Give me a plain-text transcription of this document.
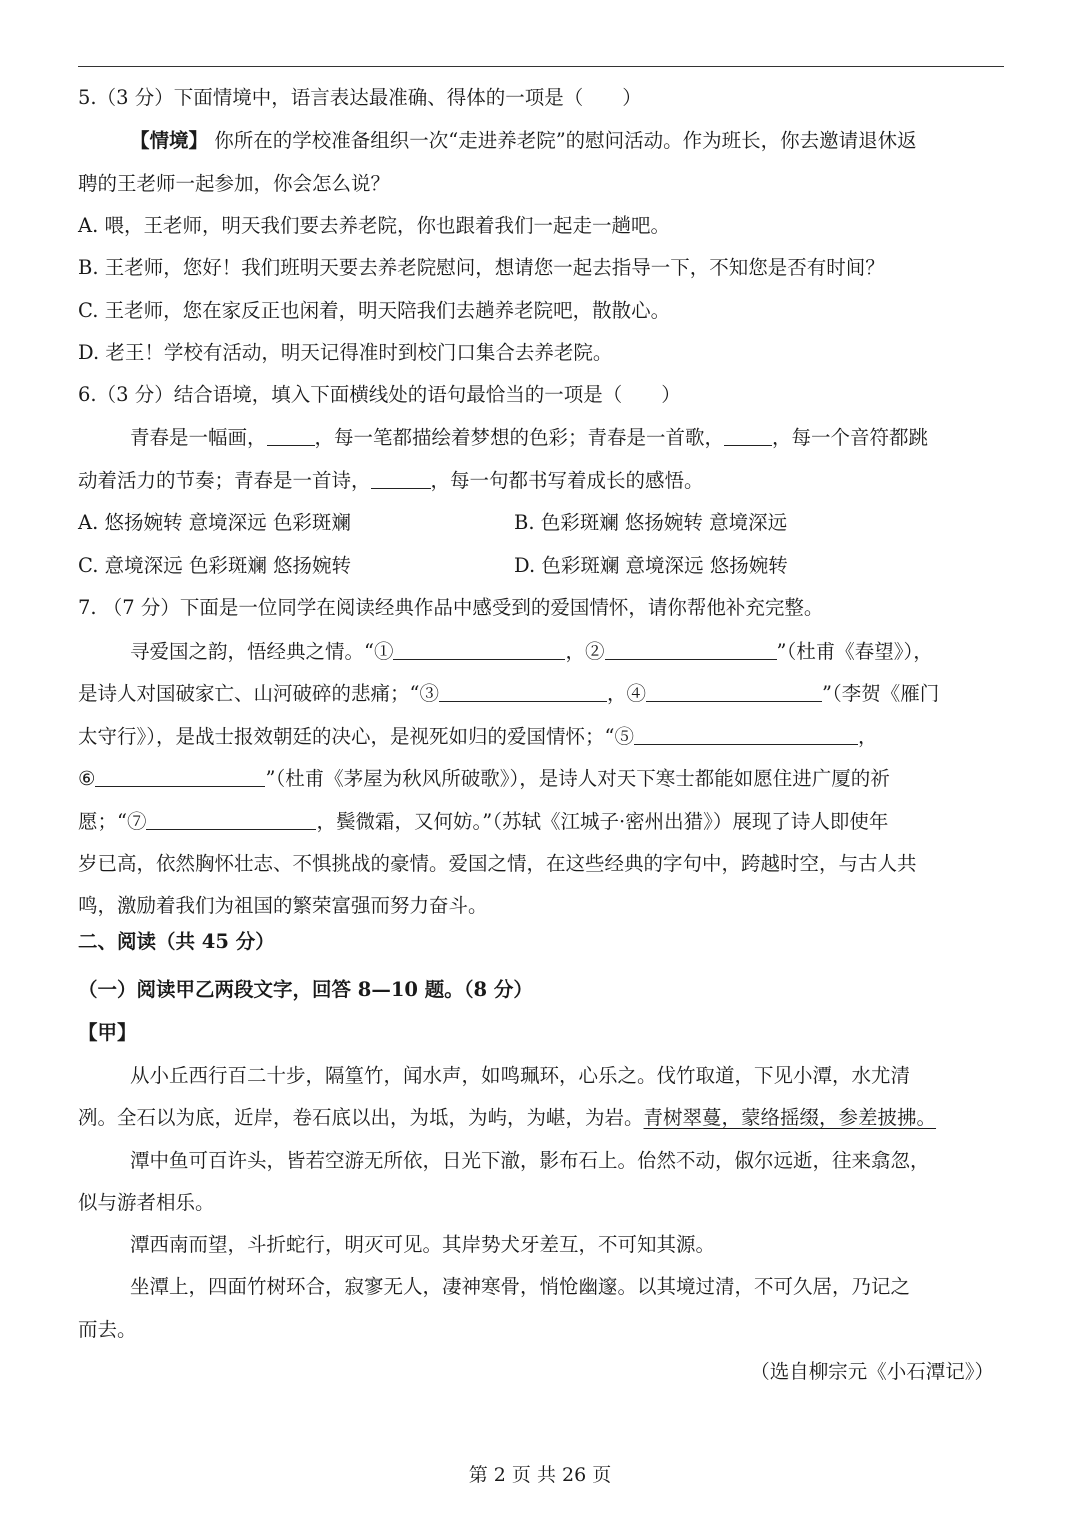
5.（3 分）下面情境中，语言表达最准确、得体的一项是（　　）
【情境】 你所在的学校准备组织一次“走进养老院”的慰问活动。作为班长，你去邀请退休返
聘的王老师一起参加，你会怎么说？
A. 喂，王老师，明天我们要去养老院，你也跟着我们一起走一趟吧。
B. 王老师，您好！我们班明天要去养老院慰问，想请您一起去指导一下，不知您是否有时间？
C. 王老师，您在家反正也闲着，明天陪我们去趟养老院吧，散散心。
D. 老王！学校有活动，明天记得准时到校门口集合去养老院。
6.（3 分）结合语境，填入下面横线处的语句最恰当的一项是（　　）
青春是一幅画， ，每一笔都描绘着梦想的色彩；青春是一首歌， ，每一个音符都跳
动着活力的节奏；青春是一首诗，	，每一句都书写着成长的感悟。
A. 悠扬婉转 意境深远 色彩斑斓	B. 色彩斑斓 悠扬婉转 意境深远
C. 意境深远 色彩斑斓 悠扬婉转	D. 色彩斑斓 意境深远 悠扬婉转
7. （7 分）下面是一位同学在阅读经典作品中感受到的爱国情怀，请你帮他补充完整。
寻爱国之韵，悟经典之情。“①	，②	”（杜甫《春望》），
是诗人对国破家亡、山河破碎的悲痛；“③	，④	”（李贺《雁门
太守行》），是战士报效朝廷的决心，是视死如归的爱国情怀；“⑤	，
⑥	”（杜甫《茅屋为秋风所破歌》），是诗人对天下寒士都能如愿住进广厦的祈
愿；“⑦	，鬓微霜，又何妨。”（苏轼《江城子·密州出猎》）展现了诗人即使年
岁已高，依然胸怀壮志、不惧挑战的豪情。爱国之情，在这些经典的字句中，跨越时空，与古人共
鸣，激励着我们为祖国的繁荣富强而努力奋斗。
二、阅读（共 45 分）
（一）阅读甲乙两段文字，回答 8—10 题。（8 分）
【甲】
从小丘西行百二十步，隔篁竹，闻水声，如鸣珮环，心乐之。伐竹取道，下见小潭，水尤清
冽。全石以为底，近岸，卷石底以出，为坻，为屿，为嵁，为岩。青树翠蔓，蒙络摇缀，参差披拂。
潭中鱼可百许头，皆若空游无所依，日光下澈，影布石上。佁然不动，俶尔远逝，往来翕忽，
似与游者相乐。
潭西南而望，斗折蛇行，明灭可见。其岸势犬牙差互，不可知其源。
坐潭上，四面竹树环合，寂寥无人，凄神寒骨，悄怆幽邃。以其境过清，不可久居，乃记之
而去。
（选自柳宗元《小石潭记》）
第 2 页 共 26 页
